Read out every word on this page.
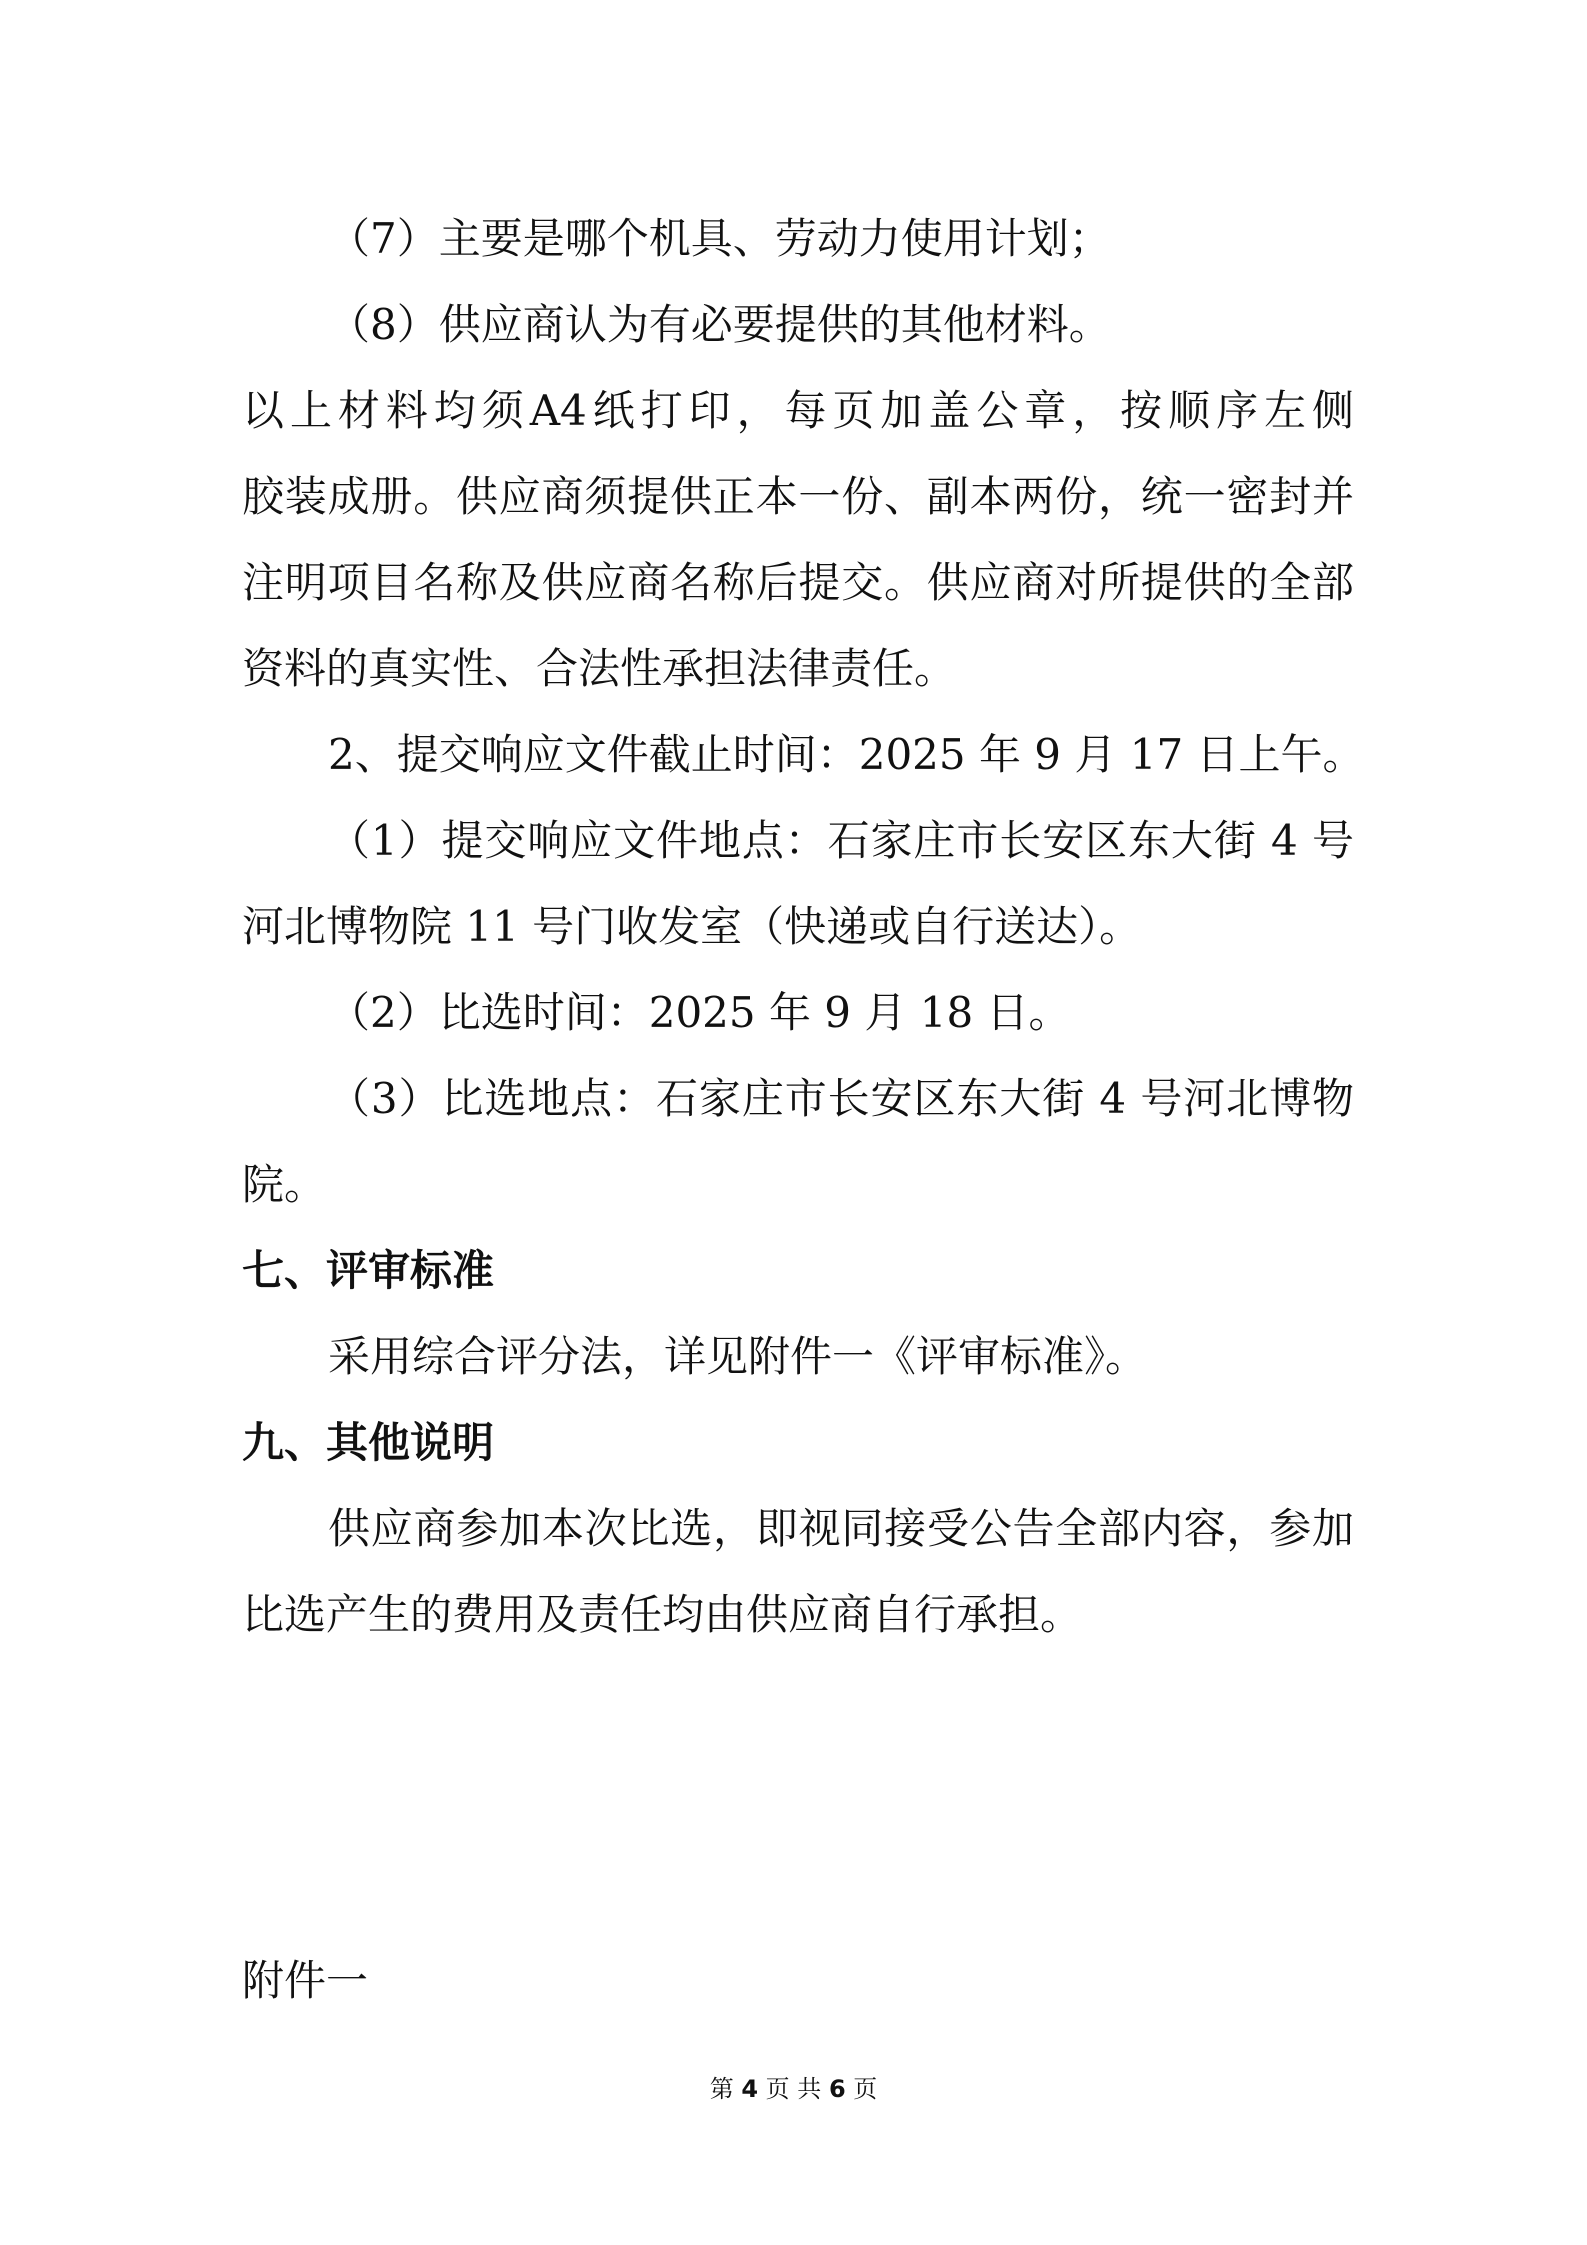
（7）主要是哪个机具、劳动力使用计划；
（8）供应商认为有必要提供的其他材料。
以上材料均须A4纸打印，每页加盖公章，按顺序左侧
胶装成册。供应商须提供正本一份、副本两份，统一密封并
注明项目名称及供应商名称后提交。供应商对所提供的全部
资料的真实性、合法性承担法律责任。
2、提交响应文件截止时间：2025 年 9 月 17 日上午。
（1）提交响应文件地点：石家庄市长安区东大街 4 号
河北博物院 11 号门收发室（快递或自行送达）。
（2）比选时间：2025 年 9 月 18 日。
（3）比选地点：石家庄市长安区东大街 4 号河北博物
院。
七、评审标准
采用综合评分法，详见附件一《评审标准》。
九、其他说明
供应商参加本次比选，即视同接受公告全部内容，参加
比选产生的费用及责任均由供应商自行承担。
附件一
第 4 页 共 6 页
